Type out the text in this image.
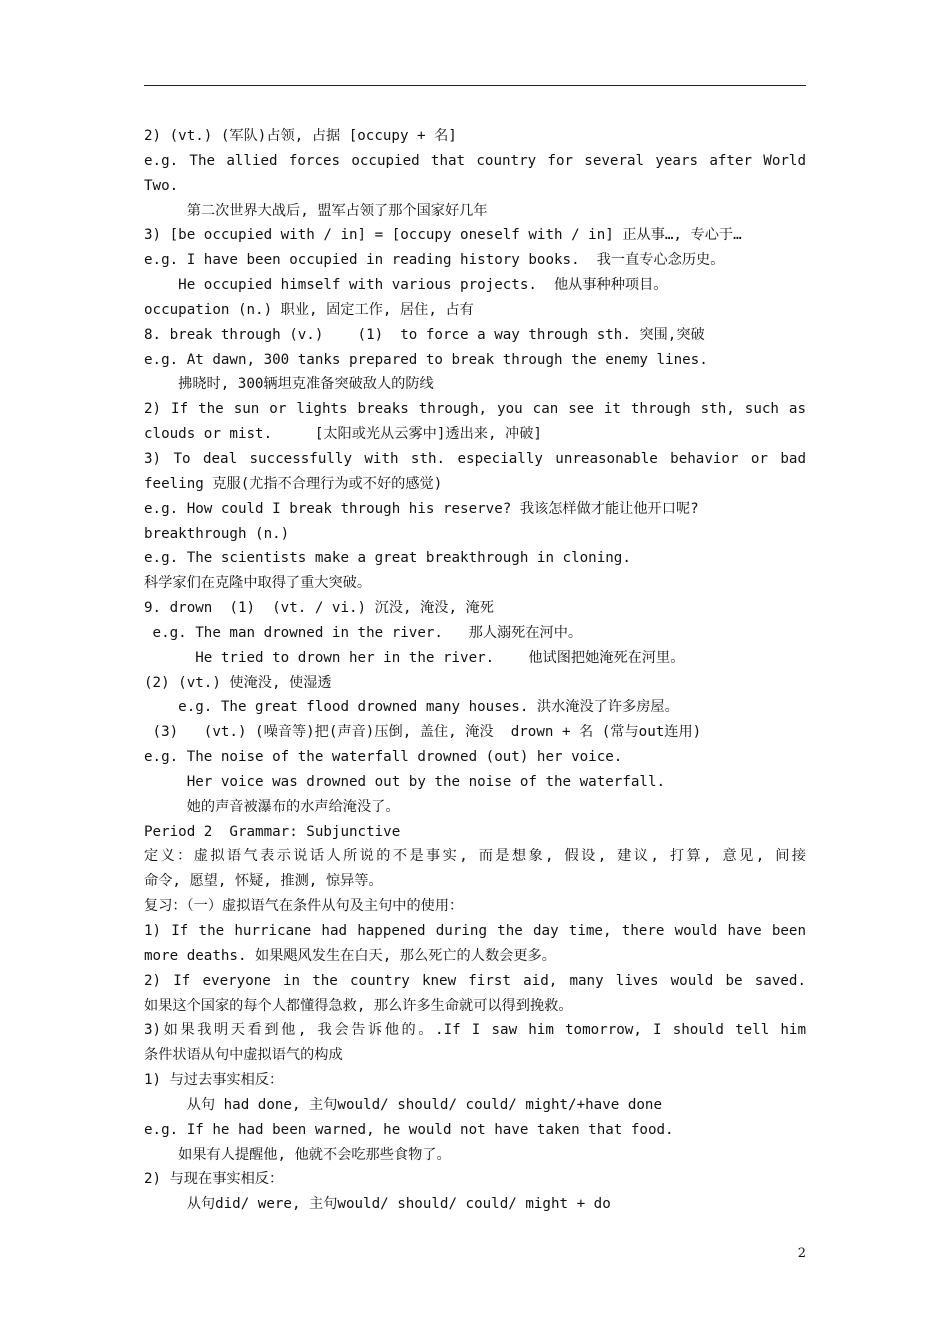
2) (vt.) (军队)占领, 占据 [occupy + 名]
e.g. The allied forces occupied that country for several years after World
Two.
第二次世界大战后, 盟军占领了那个国家好几年
3) [be occupied with / in] = [occupy oneself with / in] 正从事…, 专心于…
e.g. I have been occupied in reading history books.  我一直专心念历史。
He occupied himself with various projects.  他从事种种项目。
occupation (n.) 职业, 固定工作, 居住, 占有
8. break through (v.)    (1)  to force a way through sth. 突围,突破
e.g. At dawn, 300 tanks prepared to break through the enemy lines.
拂晓时, 300辆坦克准备突破敌人的防线
2) If the sun or lights breaks through, you can see it through sth, such as
clouds or mist.     [太阳或光从云雾中]透出来, 冲破]
3) To deal successfully with sth. especially unreasonable behavior or bad
feeling 克服(尤指不合理行为或不好的感觉)
e.g. How could I break through his reserve? 我该怎样做才能让他开口呢?
breakthrough (n.)
e.g. The scientists make a great breakthrough in cloning.
科学家们在克隆中取得了重大突破。
9. drown  (1)  (vt. / vi.) 沉没, 淹没, 淹死
e.g. The man drowned in the river.   那人溺死在河中。
He tried to drown her in the river.    他试图把她淹死在河里。
(2) (vt.) 使淹没, 使湿透
e.g. The great flood drowned many houses. 洪水淹没了许多房屋。
(3)   (vt.) (噪音等)把(声音)压倒, 盖住, 淹没  drown + 名 (常与out连用)
e.g. The noise of the waterfall drowned (out) her voice.
Her voice was drowned out by the noise of the waterfall.
她的声音被瀑布的水声给淹没了。
Period 2  Grammar: Subjunctive
定义：虚拟语气表示说话人所说的不是事实, 而是想象, 假设, 建议, 打算, 意见, 间接
命令, 愿望, 怀疑, 推测, 惊异等。
复习：（一）虚拟语气在条件从句及主句中的使用：
1) If the hurricane had happened during the day time, there would have been
more deaths. 如果飓风发生在白天, 那么死亡的人数会更多。
2) If everyone in the country knew first aid, many lives would be saved.
如果这个国家的每个人都懂得急救, 那么许多生命就可以得到挽救。
3)如果我明天看到他, 我会告诉他的。.If I saw him tomorrow, I should tell him
条件状语从句中虚拟语气的构成
1) 与过去事实相反：
从句 had done, 主句would/ should/ could/ might/+have done
e.g. If he had been warned, he would not have taken that food.
如果有人提醒他, 他就不会吃那些食物了。
2) 与现在事实相反：
从句did/ were, 主句would/ should/ could/ might + do
2
